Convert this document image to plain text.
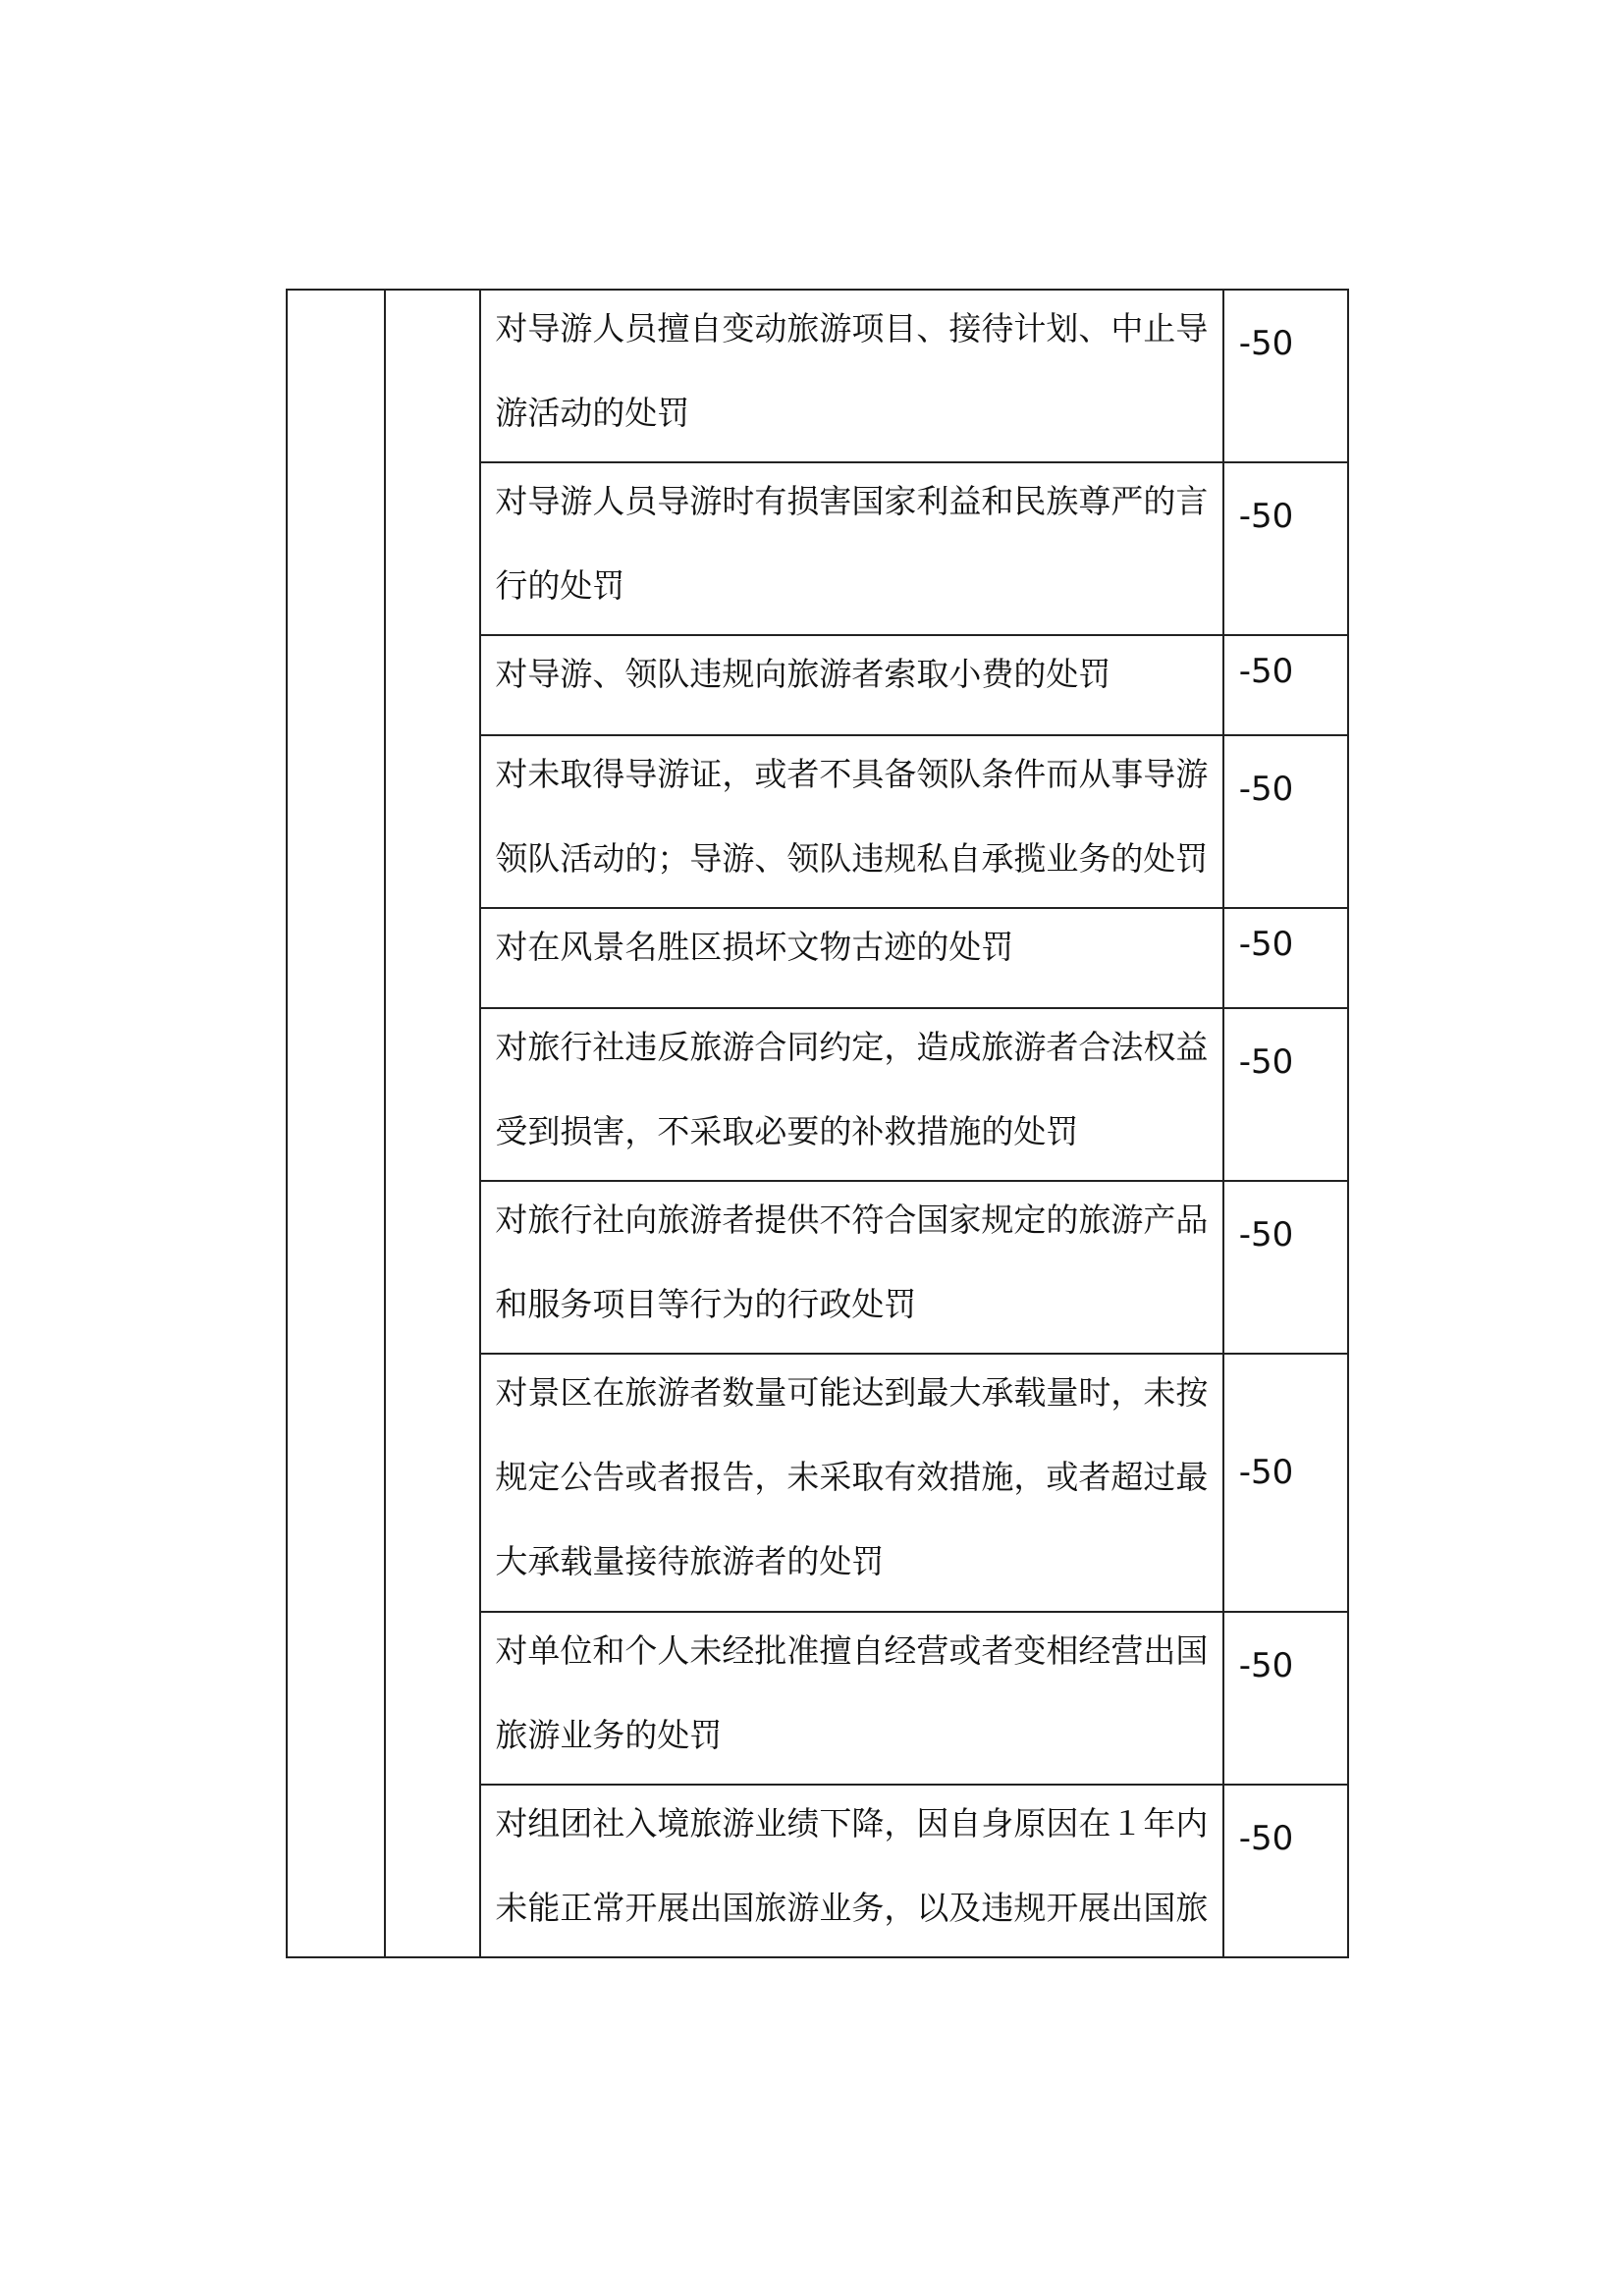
		对导游人员擅自变动旅游项目、接待计划、中止导游活动的处罚	-50

		对导游人员导游时有损害国家利益和民族尊严的言行的处罚	-50

		对导游、领队违规向旅游者索取小费的处罚	-50

		对未取得导游证，或者不具备领队条件而从事导游领队活动的；导游、领队违规私自承揽业务的处罚	-50

		对在风景名胜区损坏文物古迹的处罚	-50

		对旅行社违反旅游合同约定，造成旅游者合法权益受到损害，不采取必要的补救措施的处罚	-50

		对旅行社向旅游者提供不符合国家规定的旅游产品和服务项目等行为的行政处罚	-50

		对景区在旅游者数量可能达到最大承载量时，未按规定公告或者报告，未采取有效措施，或者超过最大承载量接待旅游者的处罚	-50

		对单位和个人未经批准擅自经营或者变相经营出国旅游业务的处罚	-50

		对组团社入境旅游业绩下降，因自身原因在１年内未能正常开展出国旅游业务，以及违规开展出国旅	-50
